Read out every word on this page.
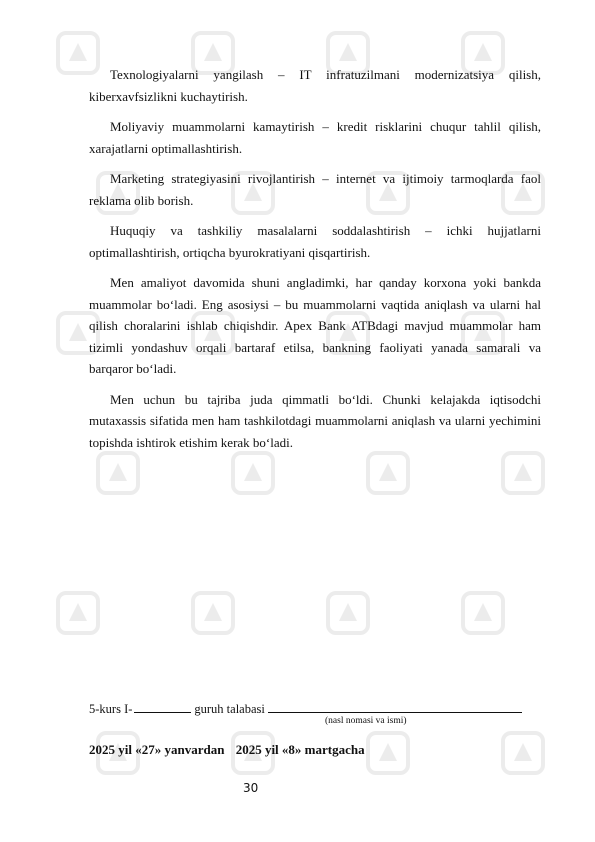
Texnologiyalarni yangilash – IT infratuzilmani modernizatsiya qilish, kiberxavfsizlikni kuchaytirish.

Moliyaviy muammolarni kamaytirish – kredit risklarini chuqur tahlil qilish, xarajatlarni optimallashtirish.

Marketing strategiyasini rivojlantirish – internet va ijtimoiy tarmoqlarda faol reklama olib borish.

Huquqiy va tashkiliy masalalarni soddalashtirish – ichki hujjatlarni optimallashtirish, ortiqcha byurokratiyani qisqartirish.

Men amaliyot davomida shuni angladimki, har qanday korxona yoki bankda muammolar bo‘ladi. Eng asosiysi – bu muammolarni vaqtida aniqlash va ularni hal qilish choralarini ishlab chiqishdir. Apex Bank ATBdagi mavjud muammolar ham tizimli yondashuv orqali bartaraf etilsa, bankning faoliyati yanada samarali va barqaror bo‘ladi.

Men uchun bu tajriba juda qimmatli bo‘ldi. Chunki kelajakda iqtisodchi mutaxassis sifatida men ham tashkilotdagi muammolarni aniqlash va ularni yechimini topishda ishtirok etishim kerak bo‘ladi.

5-kurs I-	guruh talabasi
(nasl nomasi va ismi)
2025 yil «27» yanvardan 2025 yil «8» martgacha
30
